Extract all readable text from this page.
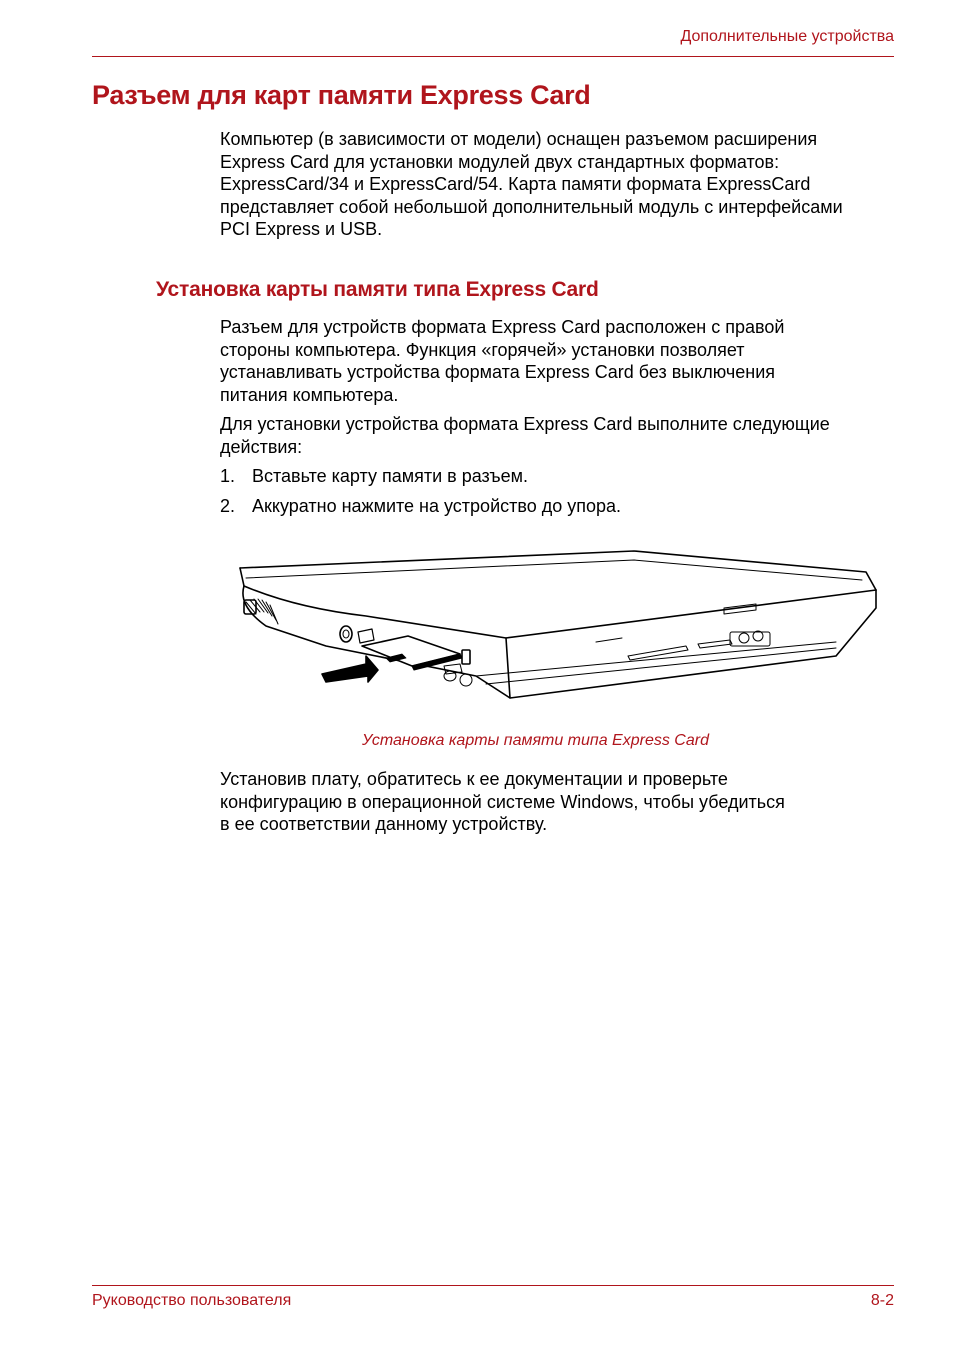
Дополнительные устройства
Разъем для карт памяти Express Card

Компьютер (в зависимости от модели) оснащен разъемом расширения
Express Card для установки модулей двух стандартных форматов:
ExpressCard/34 и ExpressCard/54. Карта памяти формата ExpressCard
представляет собой небольшой дополнительный модуль с интерфейсами
PCI Express и USB.

Установка карты памяти типа Express Card

Разъем для устройств формата Express Card расположен с правой
стороны компьютера. Функция «горячей» установки позволяет
устанавливать устройства формата Express Card без выключения
питания компьютера.

Для установки устройства формата Express Card выполните следующие
действия:

1. Вставьте карту памяти в разъем.
2. Аккуратно нажмите на устройство до упора.
Установка карты памяти типа Express Card

Установив плату, обратитесь к ее документации и проверьте
конфигурацию в операционной системе Windows, чтобы убедиться
в ее соответствии данному устройству.

Руководство пользователя	8-2
